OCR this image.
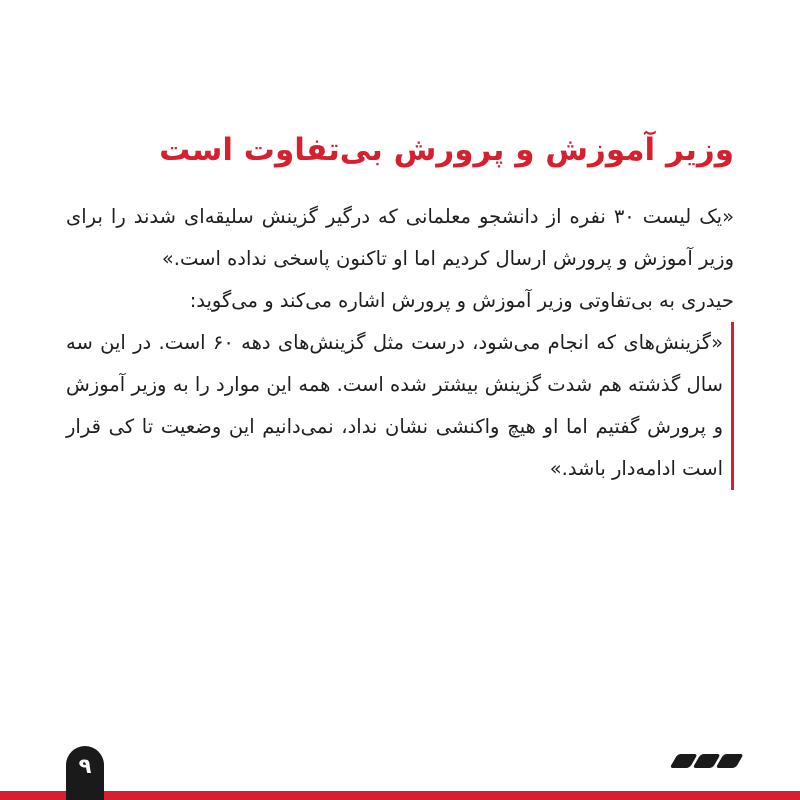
وزیر آموزش و پرورش بی‌تفاوت است

«یک لیست ۳۰ نفره از دانشجو معلمانی که درگیر گزینش سلیقه‌ای شدند را برای وزیر آموزش و پرورش ارسال کردیم اما او تاکنون پاسخی نداده است.»

حیدری به بی‌تفاوتی وزیر آموزش و پرورش اشاره می‌کند و می‌گوید:

«گزینش‌های که انجام می‌شود، درست مثل گزینش‌های دهه ۶۰ است. در این سه سال گذشته هم شدت گزینش بیشتر شده است. همه این موارد را به وزیر آموزش و پرورش گفتیم اما او هیچ واکنشی نشان نداد، نمی‌دانیم این وضعیت تا کی قرار است ادامه‌دار باشد.»

۹
